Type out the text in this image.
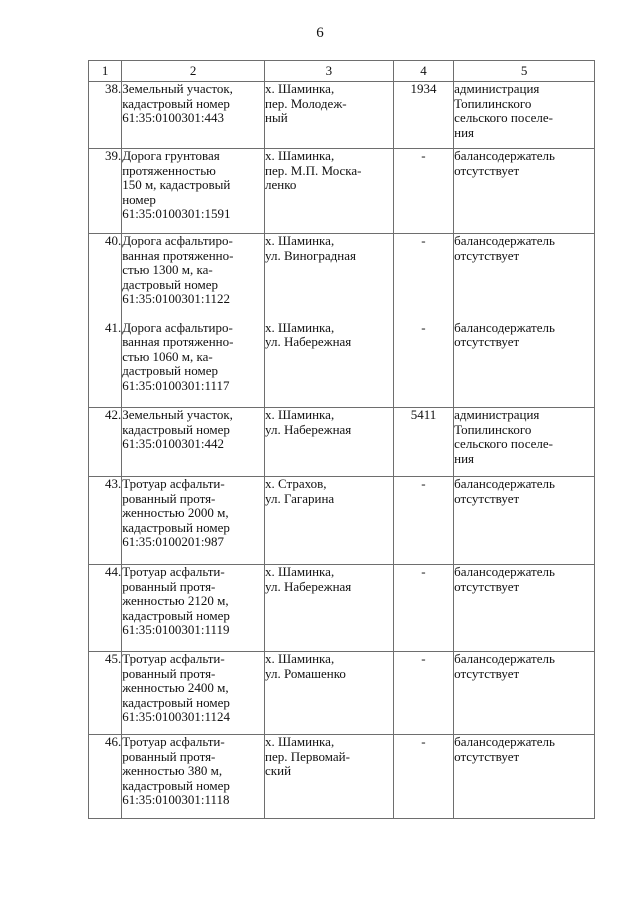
6
1	2	3	4	5
38.	Земельный участок,
кадастровый номер
61:35:0100301:443	х. Шаминка,
пер. Молодеж-
ный	1934	администрация
Топилинского
сельского поселе-
ния
39.	Дорога грунтовая
протяженностью
150 м, кадастровый
номер
61:35:0100301:1591	х. Шаминка,
пер. М.П. Моска-
ленко	-	балансодержатель
отсутствует
40.	Дорога асфальтиро-
ванная протяженно-
стью 1300 м, ка-
дастровый номер
61:35:0100301:1122	х. Шаминка,
ул. Виноградная	-	балансодержатель
отсутствует
41.	Дорога асфальтиро-
ванная протяженно-
стью 1060 м, ка-
дастровый номер
61:35:0100301:1117	х. Шаминка,
ул. Набережная	-	балансодержатель
отсутствует
42.	Земельный участок,
кадастровый номер
61:35:0100301:442	х. Шаминка,
ул. Набережная	5411	администрация
Топилинского
сельского поселе-
ния
43.	Тротуар асфальти-
рованный протя-
женностью 2000 м,
кадастровый номер
61:35:0100201:987	х. Страхов,
ул. Гагарина	-	балансодержатель
отсутствует
44.	Тротуар асфальти-
рованный протя-
женностью 2120 м,
кадастровый номер
61:35:0100301:1119	х. Шаминка,
ул. Набережная	-	балансодержатель
отсутствует
45.	Тротуар асфальти-
рованный протя-
женностью 2400 м,
кадастровый номер
61:35:0100301:1124	х. Шаминка,
ул. Ромашенко	-	балансодержатель
отсутствует
46.	Тротуар асфальти-
рованный протя-
женностью 380 м,
кадастровый номер
61:35:0100301:1118	х. Шаминка,
пер. Первомай-
ский	-	балансодержатель
отсутствует
